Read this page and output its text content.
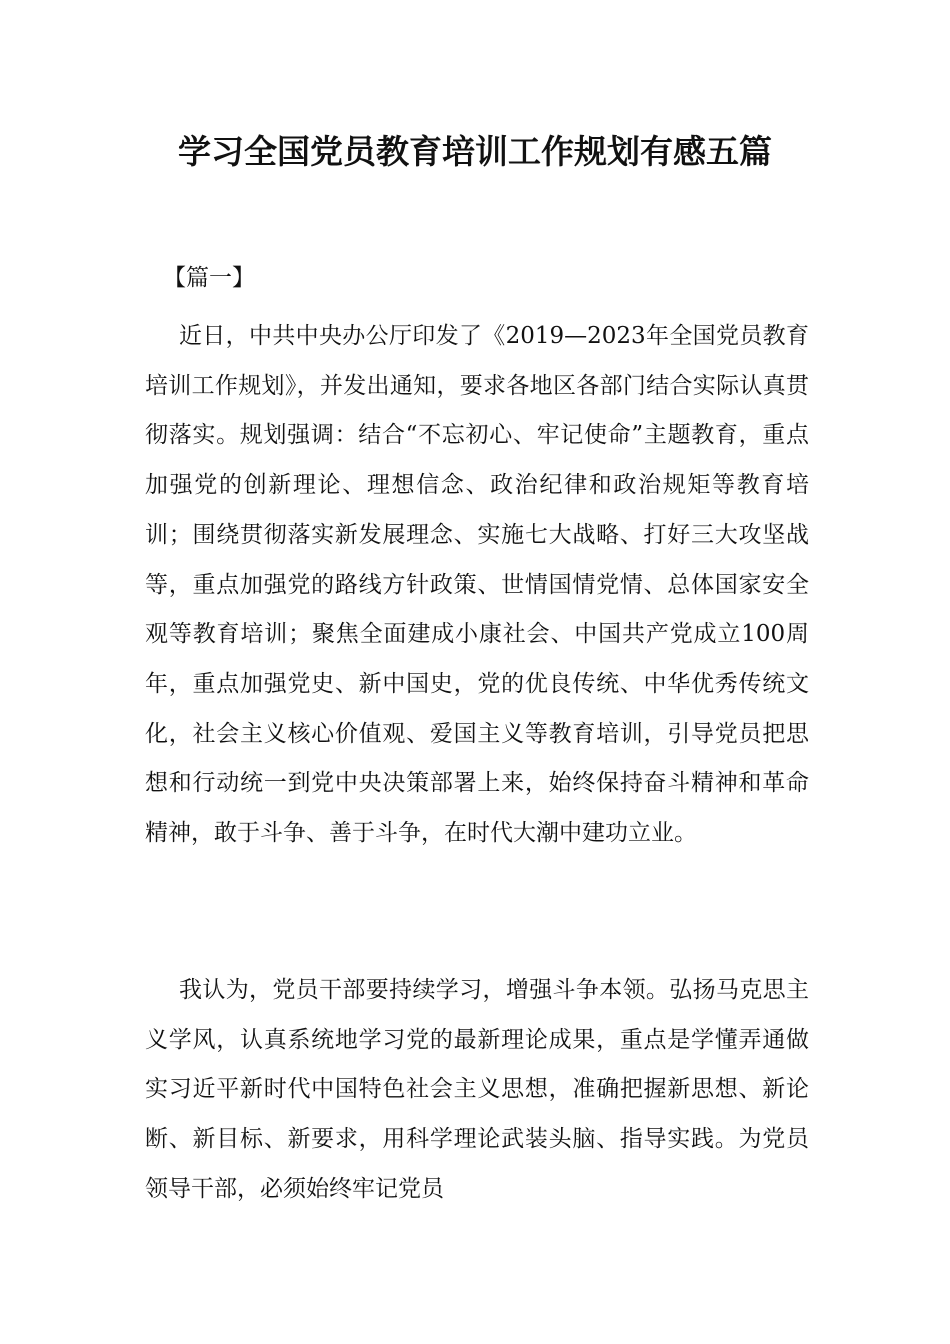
学习全国党员教育培训工作规划有感五篇

【篇一】

近日，中共中央办公厅印发了《2019—2023年全国党员教育培训工作规划》，并发出通知，要求各地区各部门结合实际认真贯彻落实。规划强调：结合“不忘初心、牢记使命”主题教育，重点加强党的创新理论、理想信念、政治纪律和政治规矩等教育培训；围绕贯彻落实新发展理念、实施七大战略、打好三大攻坚战等，重点加强党的路线方针政策、世情国情党情、总体国家安全观等教育培训；聚焦全面建成小康社会、中国共产党成立100周年，重点加强党史、新中国史，党的优良传统、中华优秀传统文化，社会主义核心价值观、爱国主义等教育培训，引导党员把思想和行动统一到党中央决策部署上来，始终保持奋斗精神和革命精神，敢于斗争、善于斗争，在时代大潮中建功立业。

我认为，党员干部要持续学习，增强斗争本领。弘扬马克思主义学风，认真系统地学习党的最新理论成果，重点是学懂弄通做实习近平新时代中国特色社会主义思想，准确把握新思想、新论断、新目标、新要求，用科学理论武装头脑、指导实践。为党员领导干部，必须始终牢记党员
